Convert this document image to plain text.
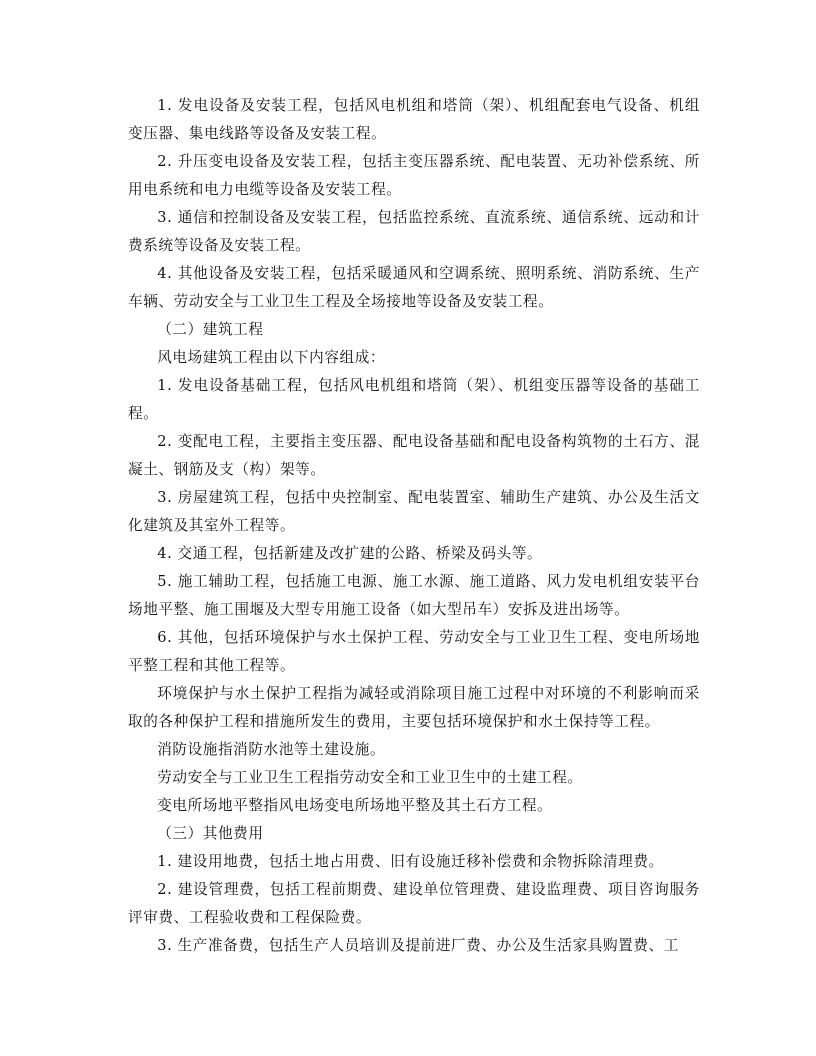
1. 发电设备及安装工程，包括风电机组和塔筒（架）、机组配套电气设备、机组变压器、集电线路等设备及安装工程。

2. 升压变电设备及安装工程，包括主变压器系统、配电装置、无功补偿系统、所用电系统和电力电缆等设备及安装工程。

3. 通信和控制设备及安装工程，包括监控系统、直流系统、通信系统、远动和计费系统等设备及安装工程。

4. 其他设备及安装工程，包括采暖通风和空调系统、照明系统、消防系统、生产车辆、劳动安全与工业卫生工程及全场接地等设备及安装工程。

（二）建筑工程

风电场建筑工程由以下内容组成：

1. 发电设备基础工程，包括风电机组和塔筒（架）、机组变压器等设备的基础工程。

2. 变配电工程，主要指主变压器、配电设备基础和配电设备构筑物的土石方、混凝土、钢筋及支（构）架等。

3. 房屋建筑工程，包括中央控制室、配电装置室、辅助生产建筑、办公及生活文化建筑及其室外工程等。

4. 交通工程，包括新建及改扩建的公路、桥梁及码头等。

5. 施工辅助工程，包括施工电源、施工水源、施工道路、风力发电机组安装平台场地平整、施工围堰及大型专用施工设备（如大型吊车）安拆及进出场等。

6. 其他，包括环境保护与水土保护工程、劳动安全与工业卫生工程、变电所场地平整工程和其他工程等。

环境保护与水土保护工程指为减轻或消除项目施工过程中对环境的不利影响而采取的各种保护工程和措施所发生的费用，主要包括环境保护和水土保持等工程。

消防设施指消防水池等土建设施。

劳动安全与工业卫生工程指劳动安全和工业卫生中的土建工程。

变电所场地平整指风电场变电所场地平整及其土石方工程。

（三）其他费用

1. 建设用地费，包括土地占用费、旧有设施迁移补偿费和余物拆除清理费。

2. 建设管理费，包括工程前期费、建设单位管理费、建设监理费、项目咨询服务评审费、工程验收费和工程保险费。

3. 生产准备费，包括生产人员培训及提前进厂费、办公及生活家具购置费、工
